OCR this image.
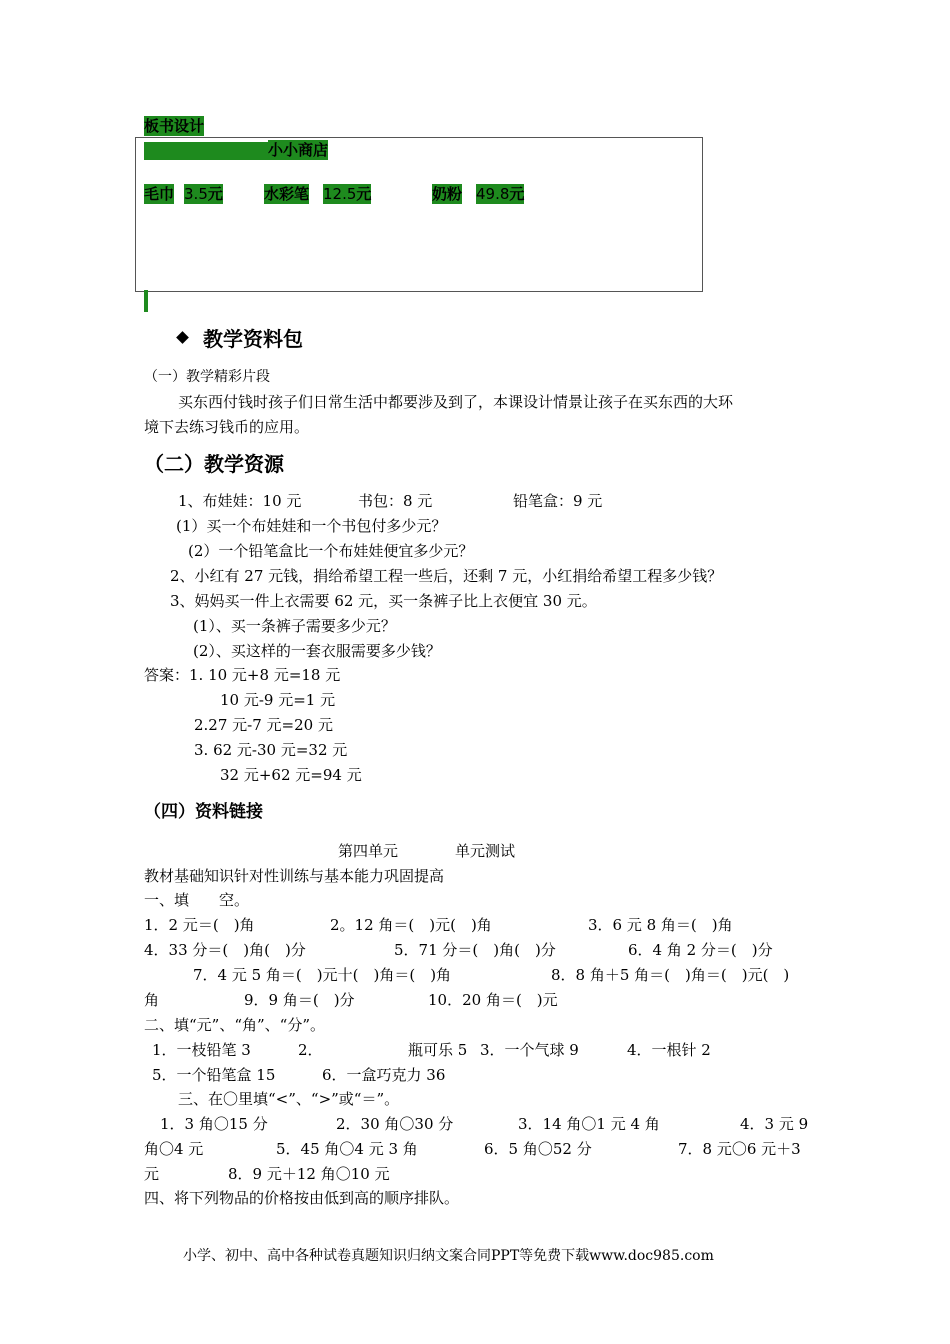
板书设计
小小商店
毛巾 3.5元	水彩笔 12.5元	奶粉 49.8元
教学资料包
（一）教学精彩片段
买东西付钱时孩子们日常生活中都要涉及到了，本课设计情景让孩子在买东西的大环
境下去练习钱币的应用。
（二）教学资源
1、布娃娃：10 元	书包：8 元	铅笔盒：9 元
(1）买一个布娃娃和一个书包付多少元？
(2）一个铅笔盒比一个布娃娃便宜多少元？
2、小红有 27 元钱，捐给希望工程一些后，还剩 7 元，小红捐给希望工程多少钱？
3、妈妈买一件上衣需要 62 元，买一条裤子比上衣便宜 30 元。
(1）、买一条裤子需要多少元？
(2）、买这样的一套衣服需要多少钱？
答案：1. 10 元+8 元=18 元
10 元-9 元=1 元
2.27 元-7 元=20 元
3. 62 元-30 元=32 元
32 元+62 元=94 元
（四）资料链接
第四单元	单元测试
教材基础知识针对性训练与基本能力巩固提高
一、填　　空。
1．2 元＝(　)角	2。12 角＝(　)元(　)角	3．6 元 8 角＝(　)角
4．33 分＝(　)角(　)分	5．71 分＝(　)角(　)分	6．4 角 2 分＝(　)分
7．4 元 5 角＝(　)元十(　)角＝(　)角	8．8 角＋5 角＝(　)角＝(　)元(　)
角	9．9 角＝(　)分	10．20 角＝(　)元
二、填“元”、“角”、“分”。
1．一枝铅笔 3	2．	瓶可乐 5 3．一个气球 9	4．一根针 2
5．一个铅笔盒 15	6．一盒巧克力 36
三、在〇里填“<”、“>”或“＝”。
1．3 角〇15 分	2．30 角〇30 分	3．14 角〇1 元 4 角	4．3 元 9
角〇4 元	5．45 角〇4 元 3 角	6．5 角〇52 分	7．8 元〇6 元＋3
元	8．9 元＋12 角〇10 元
四、将下列物品的价格按由低到高的顺序排队。
小学、初中、高中各种试卷真题知识归纳文案合同PPT等免费下载www.doc985.com
